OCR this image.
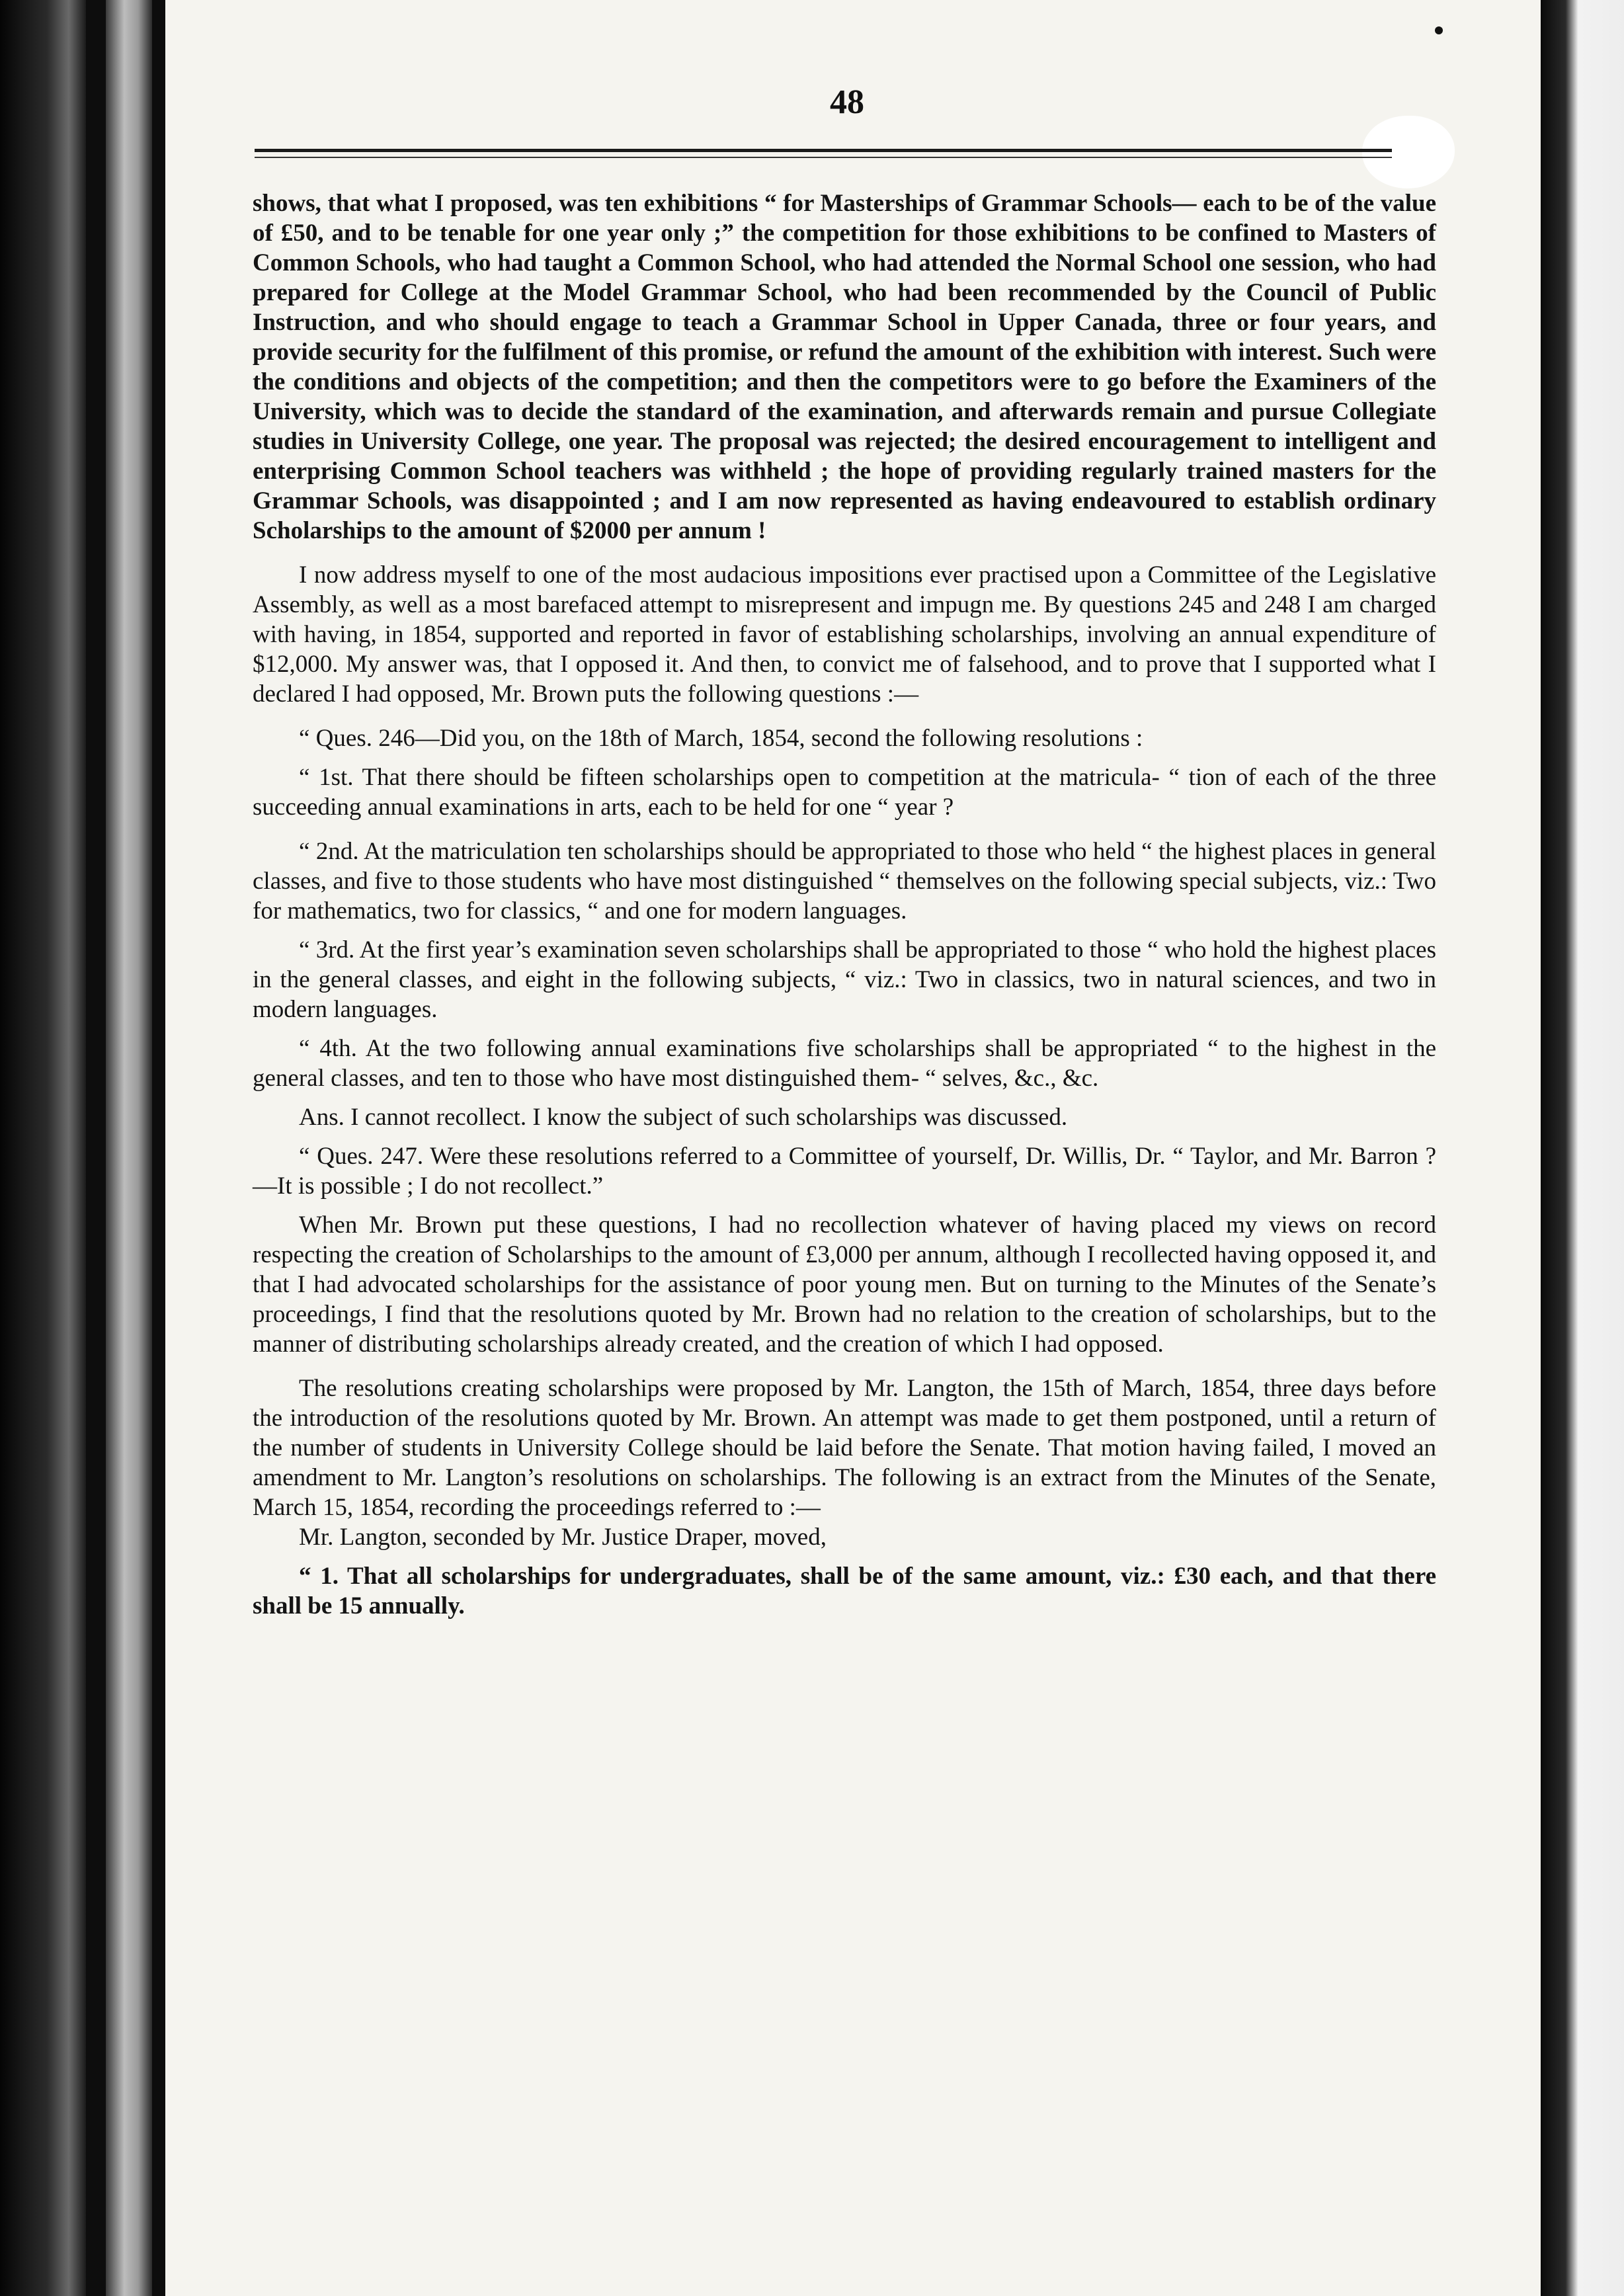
48

shows, that what I proposed, was ten exhibitions “ for Masterships of Grammar Schools— each to be of the value of £50, and to be tenable for one year only ;” the competition for those exhibitions to be confined to Masters of Common Schools, who had taught a Common School, who had attended the Normal School one session, who had prepared for College at the Model Grammar School, who had been recommended by the Council of Public Instruction, and who should engage to teach a Grammar School in Upper Canada, three or four years, and provide security for the fulfilment of this promise, or refund the amount of the exhibition with interest. Such were the conditions and objects of the competition; and then the competitors were to go before the Examiners of the University, which was to decide the standard of the examination, and afterwards remain and pursue Collegiate studies in University College, one year. The proposal was rejected; the desired encouragement to intelligent and enterprising Common School teachers was withheld ; the hope of providing regularly trained masters for the Grammar Schools, was disappointed ; and I am now represented as having endeavoured to establish ordinary Scholarships to the amount of $2000 per annum !

I now address myself to one of the most audacious impositions ever practised upon a Committee of the Legislative Assembly, as well as a most barefaced attempt to misrepresent and impugn me. By questions 245 and 248 I am charged with having, in 1854, supported and reported in favor of establishing scholarships, involving an annual expenditure of $12,000. My answer was, that I opposed it. And then, to convict me of falsehood, and to prove that I supported what I declared I had opposed, Mr. Brown puts the following questions :—

“ Ques. 246—Did you, on the 18th of March, 1854, second the following resolutions :

“ 1st. That there should be fifteen scholarships open to competition at the matricula- “ tion of each of the three succeeding annual examinations in arts, each to be held for one “ year ?

“ 2nd. At the matriculation ten scholarships should be appropriated to those who held “ the highest places in general classes, and five to those students who have most distinguished “ themselves on the following special subjects, viz.: Two for mathematics, two for classics, “ and one for modern languages.

“ 3rd. At the first year’s examination seven scholarships shall be appropriated to those “ who hold the highest places in the general classes, and eight in the following subjects, “ viz.: Two in classics, two in natural sciences, and two in modern languages.

“ 4th. At the two following annual examinations five scholarships shall be appropriated “ to the highest in the general classes, and ten to those who have most distinguished them- “ selves, &c., &c.

Ans. I cannot recollect. I know the subject of such scholarships was discussed.

“ Ques. 247. Were these resolutions referred to a Committee of yourself, Dr. Willis, Dr. “ Taylor, and Mr. Barron ?—It is possible ; I do not recollect.”

When Mr. Brown put these questions, I had no recollection whatever of having placed my views on record respecting the creation of Scholarships to the amount of £3,000 per annum, although I recollected having opposed it, and that I had advocated scholarships for the assistance of poor young men. But on turning to the Minutes of the Senate’s proceedings, I find that the resolutions quoted by Mr. Brown had no relation to the creation of scholarships, but to the manner of distributing scholarships already created, and the creation of which I had opposed.

The resolutions creating scholarships were proposed by Mr. Langton, the 15th of March, 1854, three days before the introduction of the resolutions quoted by Mr. Brown. An attempt was made to get them postponed, until a return of the number of students in University College should be laid before the Senate. That motion having failed, I moved an amendment to Mr. Langton’s resolutions on scholarships. The following is an extract from the Minutes of the Senate, March 15, 1854, recording the proceedings referred to :—

Mr. Langton, seconded by Mr. Justice Draper, moved,

“ 1. That all scholarships for undergraduates, shall be of the same amount, viz.: £30 each, and that there shall be 15 annually.
